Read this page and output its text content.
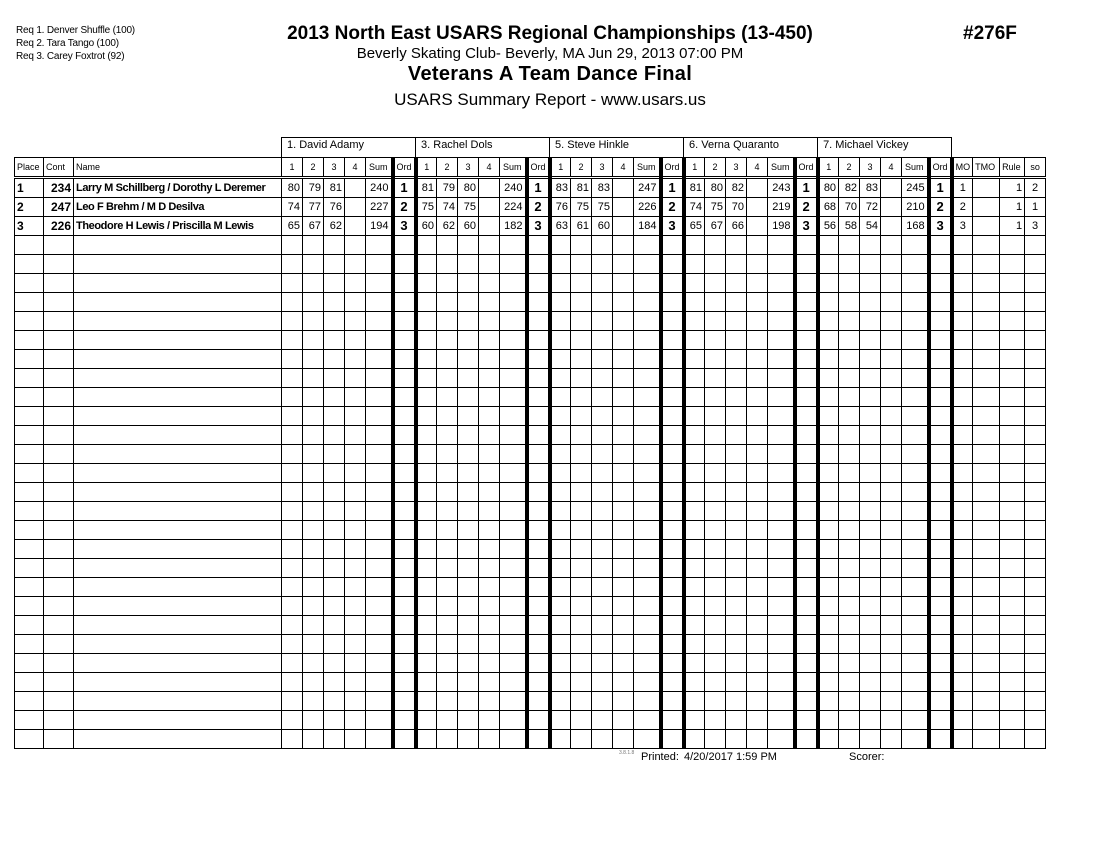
Req 1. Denver Shuffle (100)
Req 2. Tara Tango (100)
Req 3. Carey Foxtrot (92)
2013 North East USARS Regional Championships (13-450)
Beverly Skating Club- Beverly, MA Jun 29, 2013 07:00 PM
Veterans A Team Dance Final
USARS Summary Report - www.usars.us
#276F
			1. David Adamy						3. Rachel Dols						5. Steve Hinkle						6. Verna Quaranto						7. Michael Vickey									
Place	Cont	Name	1	2	3	4	Sum	Ord	1	2	3	4	Sum	Ord	1	2	3	4	Sum	Ord	1	2	3	4	Sum	Ord	1	2	3	4	Sum	Ord	MO	TMO	Rule	so
1	234	Larry M Schillberg / Dorothy L Deremer	80	79	81		240	1	81	79	80		240	1	83	81	83		247	1	81	80	82		243	1	80	82	83		245	1	1		1	2
2	247	Leo F Brehm / M D Desilva	74	77	76		227	2	75	74	75		224	2	76	75	75		226	2	74	75	70		219	2	68	70	72		210	2	2		1	1
3	226	Theodore H Lewis / Priscilla M Lewis	65	67	62		194	3	60	62	60		182	3	63	61	60		184	3	65	67	66		198	3	56	58	54		168	3	3		1	3

3.8.1.8 Printed: 4/20/2017 1:59 PM	Scorer:
